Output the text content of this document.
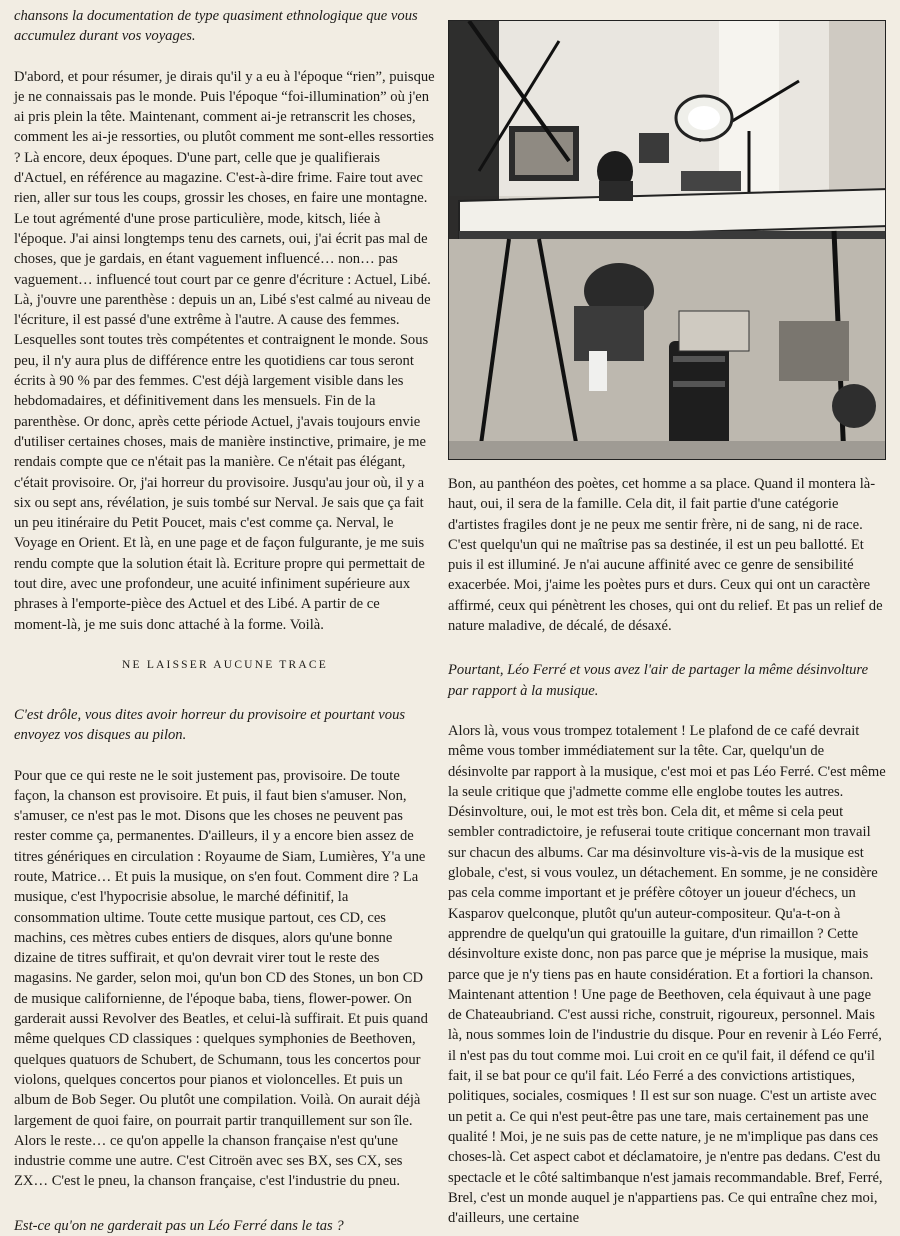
chansons la documentation de type quasiment ethnologique que vous accumulez durant vos voyages.

D'abord, et pour résumer, je dirais qu'il y a eu à l'époque “rien”, puisque je ne connaissais pas le monde. Puis l'époque “foi-illumination” où j'en ai pris plein la tête. Maintenant, comment ai-je retranscrit les choses, comment les ai-je ressorties, ou plutôt comment me sont-elles ressorties ? Là encore, deux époques. D'une part, celle que je qualifierais d'Actuel, en référence au magazine. C'est-à-dire frime. Faire tout avec rien, aller sur tous les coups, grossir les choses, en faire une montagne. Le tout agrémenté d'une prose particulière, mode, kitsch, liée à l'époque. J'ai ainsi longtemps tenu des carnets, oui, j'ai écrit pas mal de choses, que je gardais, en étant vaguement influencé… non… pas vaguement… influencé tout court par ce genre d'écriture : Actuel, Libé. Là, j'ouvre une parenthèse : depuis un an, Libé s'est calmé au niveau de l'écriture, il est passé d'une extrême à l'autre. A cause des femmes. Lesquelles sont toutes très compétentes et contraignent le monde. Sous peu, il n'y aura plus de différence entre les quotidiens car tous seront écrits à 90 % par des femmes. C'est déjà largement visible dans les hebdomadaires, et définitivement dans les mensuels. Fin de la parenthèse. Or donc, après cette période Actuel, j'avais toujours envie d'utiliser certaines choses, mais de manière instinctive, primaire, je me rendais compte que ce n'était pas la manière. Ce n'était pas élégant, c'était provisoire. Or, j'ai horreur du provisoire. Jusqu'au jour où, il y a six ou sept ans, révélation, je suis tombé sur Nerval. Je sais que ça fait un peu itinéraire du Petit Poucet, mais c'est comme ça. Nerval, le Voyage en Orient. Et là, en une page et de façon fulgurante, je me suis rendu compte que la solution était là. Ecriture propre qui permettait de tout dire, avec une profondeur, une acuité infiniment supérieure aux phrases à l'emporte-pièce des Actuel et des Libé. A partir de ce moment-là, je me suis donc attaché à la forme. Voilà.

NE LAISSER AUCUNE TRACE

C'est drôle, vous dites avoir horreur du provisoire et pourtant vous envoyez vos disques au pilon.

Pour que ce qui reste ne le soit justement pas, provisoire. De toute façon, la chanson est provisoire. Et puis, il faut bien s'amuser. Non, s'amuser, ce n'est pas le mot. Disons que les choses ne peuvent pas rester comme ça, permanentes. D'ailleurs, il y a encore bien assez de titres génériques en circulation : Royaume de Siam, Lumières, Y'a une route, Matrice… Et puis la musique, on s'en fout. Comment dire ? La musique, c'est l'hypocrisie absolue, le marché définitif, la consommation ultime. Toute cette musique partout, ces CD, ces machins, ces mètres cubes entiers de disques, alors qu'une bonne dizaine de titres suffirait, et qu'on devrait virer tout le reste des magasins. Ne garder, selon moi, qu'un bon CD des Stones, un bon CD de musique californienne, de l'époque baba, tiens, flower-power. On garderait aussi Revolver des Beatles, et celui-là suffirait. Et puis quand même quelques CD classiques : quelques symphonies de Beethoven, quelques quatuors de Schubert, de Schumann, tous les concertos pour violons, quelques concertos pour pianos et violoncelles. Et puis un album de Bob Seger. Ou plutôt une compilation. Voilà. On aurait déjà largement de quoi faire, on pourrait partir tranquillement sur son île. Alors le reste… ce qu'on appelle la chanson française n'est qu'une industrie comme une autre. C'est Citroën avec ses BX, ses CX, ses ZX… C'est le pneu, la chanson française, c'est l'industrie du pneu.

Est-ce qu'on ne garderait pas un Léo Ferré dans le tas ?

Bon, au panthéon des poètes, cet homme a sa place. Quand il montera là-haut, oui, il sera de la famille. Cela dit, il fait partie d'une catégorie d'artistes fragiles dont je ne peux me sentir frère, ni de sang, ni de race. C'est quelqu'un qui ne maîtrise pas sa destinée, il est un peu ballotté. Et puis il est illuminé. Je n'ai aucune affinité avec ce genre de sensibilité exacerbée. Moi, j'aime les poètes purs et durs. Ceux qui ont un caractère affirmé, ceux qui pénètrent les choses, qui ont du relief. Et pas un relief de nature maladive, de décalé, de désaxé.

Pourtant, Léo Ferré et vous avez l'air de partager la même désinvolture par rapport à la musique.

Alors là, vous vous trompez totalement ! Le plafond de ce café devrait même vous tomber immédiatement sur la tête. Car, quelqu'un de désinvolte par rapport à la musique, c'est moi et pas Léo Ferré. C'est même la seule critique que j'admette comme elle englobe toutes les autres. Désinvolture, oui, le mot est très bon. Cela dit, et même si cela peut sembler contradictoire, je refuserai toute critique concernant mon travail sur chacun des albums. Car ma désinvolture vis-à-vis de la musique est globale, c'est, si vous voulez, un détachement. En somme, je ne considère pas cela comme important et je préfère côtoyer un joueur d'échecs, un Kasparov quelconque, plutôt qu'un auteur-compositeur. Qu'a-t-on à apprendre de quelqu'un qui gratouille la guitare, d'un rimaillon ? Cette désinvolture existe donc, non pas parce que je méprise la musique, mais parce que je n'y tiens pas en haute considération. Et a fortiori la chanson. Maintenant attention ! Une page de Beethoven, cela équivaut à une page de Chateaubriand. C'est aussi riche, construit, rigoureux, personnel. Mais là, nous sommes loin de l'industrie du disque. Pour en revenir à Léo Ferré, il n'est pas du tout comme moi. Lui croit en ce qu'il fait, il défend ce qu'il fait, il se bat pour ce qu'il fait. Léo Ferré a des convictions artistiques, politiques, sociales, cosmiques ! Il est sur son nuage. C'est un artiste avec un petit a. Ce qui n'est peut-être pas une tare, mais certainement pas une qualité ! Moi, je ne suis pas de cette nature, je ne m'implique pas dans ces choses-là. Cet aspect cabot et déclamatoire, je n'entre pas dedans. C'est du spectacle et le côté saltimbanque n'est jamais recommandable. Bref, Ferré, Brel, c'est un monde auquel je n'appartiens pas. Ce qui entraîne chez moi, d'ailleurs, une certaine
